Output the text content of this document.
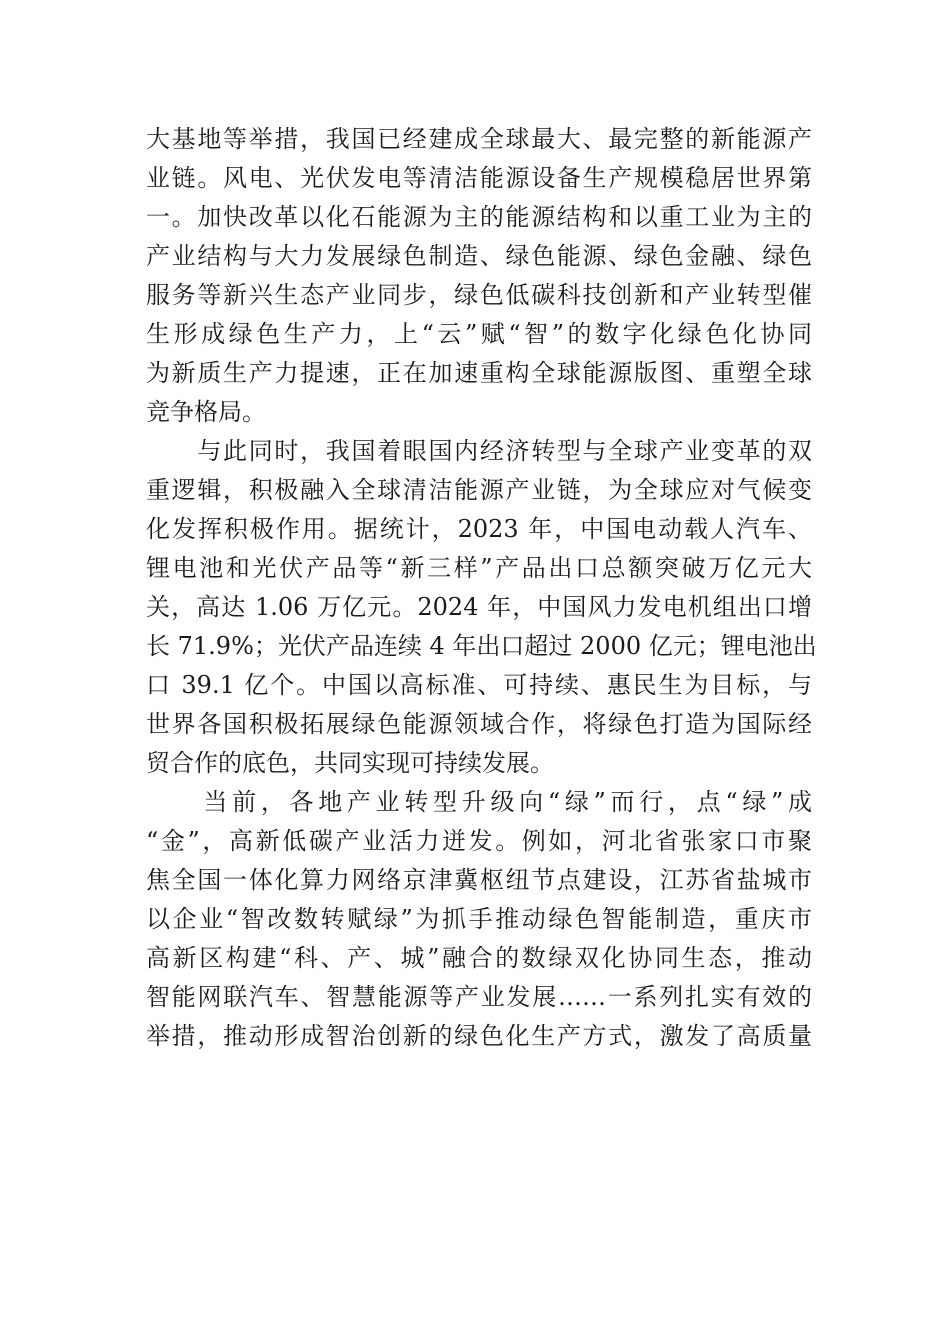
大基地等举措，我国已经建成全球最大、最完整的新能源产
业链。风电、光伏发电等清洁能源设备生产规模稳居世界第
一。加快改革以化石能源为主的能源结构和以重工业为主的
产业结构与大力发展绿色制造、绿色能源、绿色金融、绿色
服务等新兴生态产业同步，绿色低碳科技创新和产业转型催
生形成绿色生产力，上“云”赋“智”的数字化绿色化协同
为新质生产力提速，正在加速重构全球能源版图、重塑全球
竞争格局。
　　与此同时，我国着眼国内经济转型与全球产业变革的双
重逻辑，积极融入全球清洁能源产业链，为全球应对气候变
化发挥积极作用。据统计，2023 年，中国电动载人汽车、
锂电池和光伏产品等“新三样”产品出口总额突破万亿元大
关，高达 1.06 万亿元。2024 年，中国风力发电机组出口增
长 71.9%；光伏产品连续 4 年出口超过 2000 亿元；锂电池出
口 39.1 亿个。中国以高标准、可持续、惠民生为目标，与
世界各国积极拓展绿色能源领域合作，将绿色打造为国际经
贸合作的底色，共同实现可持续发展。
　　当前，各地产业转型升级向“绿”而行，点“绿”成
“金”，高新低碳产业活力迸发。例如，河北省张家口市聚
焦全国一体化算力网络京津冀枢纽节点建设，江苏省盐城市
以企业“智改数转赋绿”为抓手推动绿色智能制造，重庆市
高新区构建“科、产、城”融合的数绿双化协同生态，推动
智能网联汽车、智慧能源等产业发展……一系列扎实有效的
举措，推动形成智治创新的绿色化生产方式，激发了高质量
